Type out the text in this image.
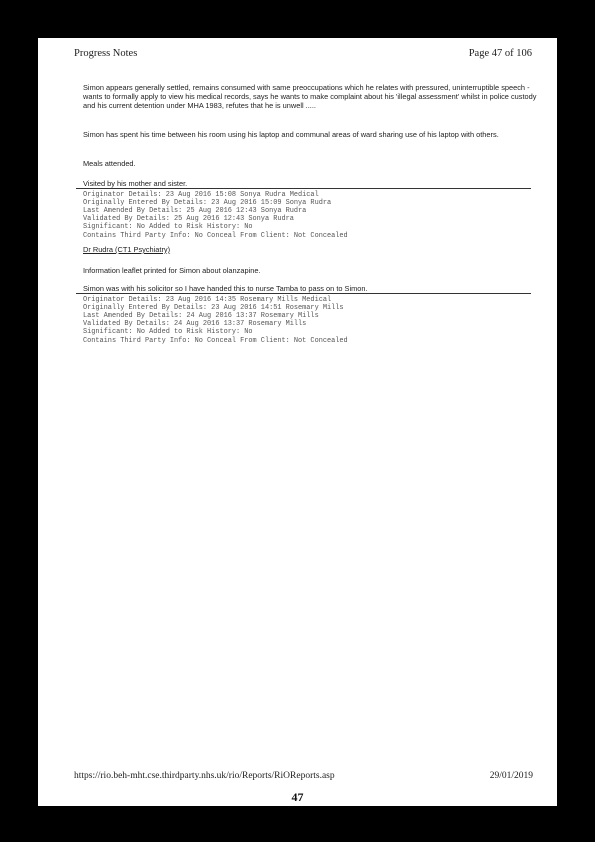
Progress Notes	Page 47 of 106
Simon appears generally settled, remains consumed with same preoccupations which he relates with pressured, uninterruptible speech - wants to formally apply to view his medical records, says he wants to make complaint about his 'illegal assessment' whilst in police custody and his current detention under MHA 1983, refutes that he is unwell .....
Simon has spent his time between his room using his laptop and communal areas of ward sharing use of his laptop with others.
Meals attended.
Visited by his mother and sister.
Originator Details: 23 Aug 2016 15:08 Sonya Rudra Medical
Originally Entered By Details: 23 Aug 2016 15:09 Sonya Rudra
Last Amended By Details: 25 Aug 2016 12:43 Sonya Rudra
Validated By Details: 25 Aug 2016 12:43 Sonya Rudra
Significant: No Added to Risk History: No
Contains Third Party Info: No Conceal From Client: Not Concealed
Dr Rudra (CT1 Psychiatry)
Information leaflet printed for Simon about olanzapine.
Simon was with his solicitor so I have handed this to nurse Tamba to pass on to Simon.
Originator Details: 23 Aug 2016 14:35 Rosemary Mills Medical
Originally Entered By Details: 23 Aug 2016 14:51 Rosemary Mills
Last Amended By Details: 24 Aug 2016 13:37 Rosemary Mills
Validated By Details: 24 Aug 2016 13:37 Rosemary Mills
Significant: No Added to Risk History: No
Contains Third Party Info: No Conceal From Client: Not Concealed
https://rio.beh-mht.cse.thirdparty.nhs.uk/rio/Reports/RiOReports.asp	29/01/2019
47
